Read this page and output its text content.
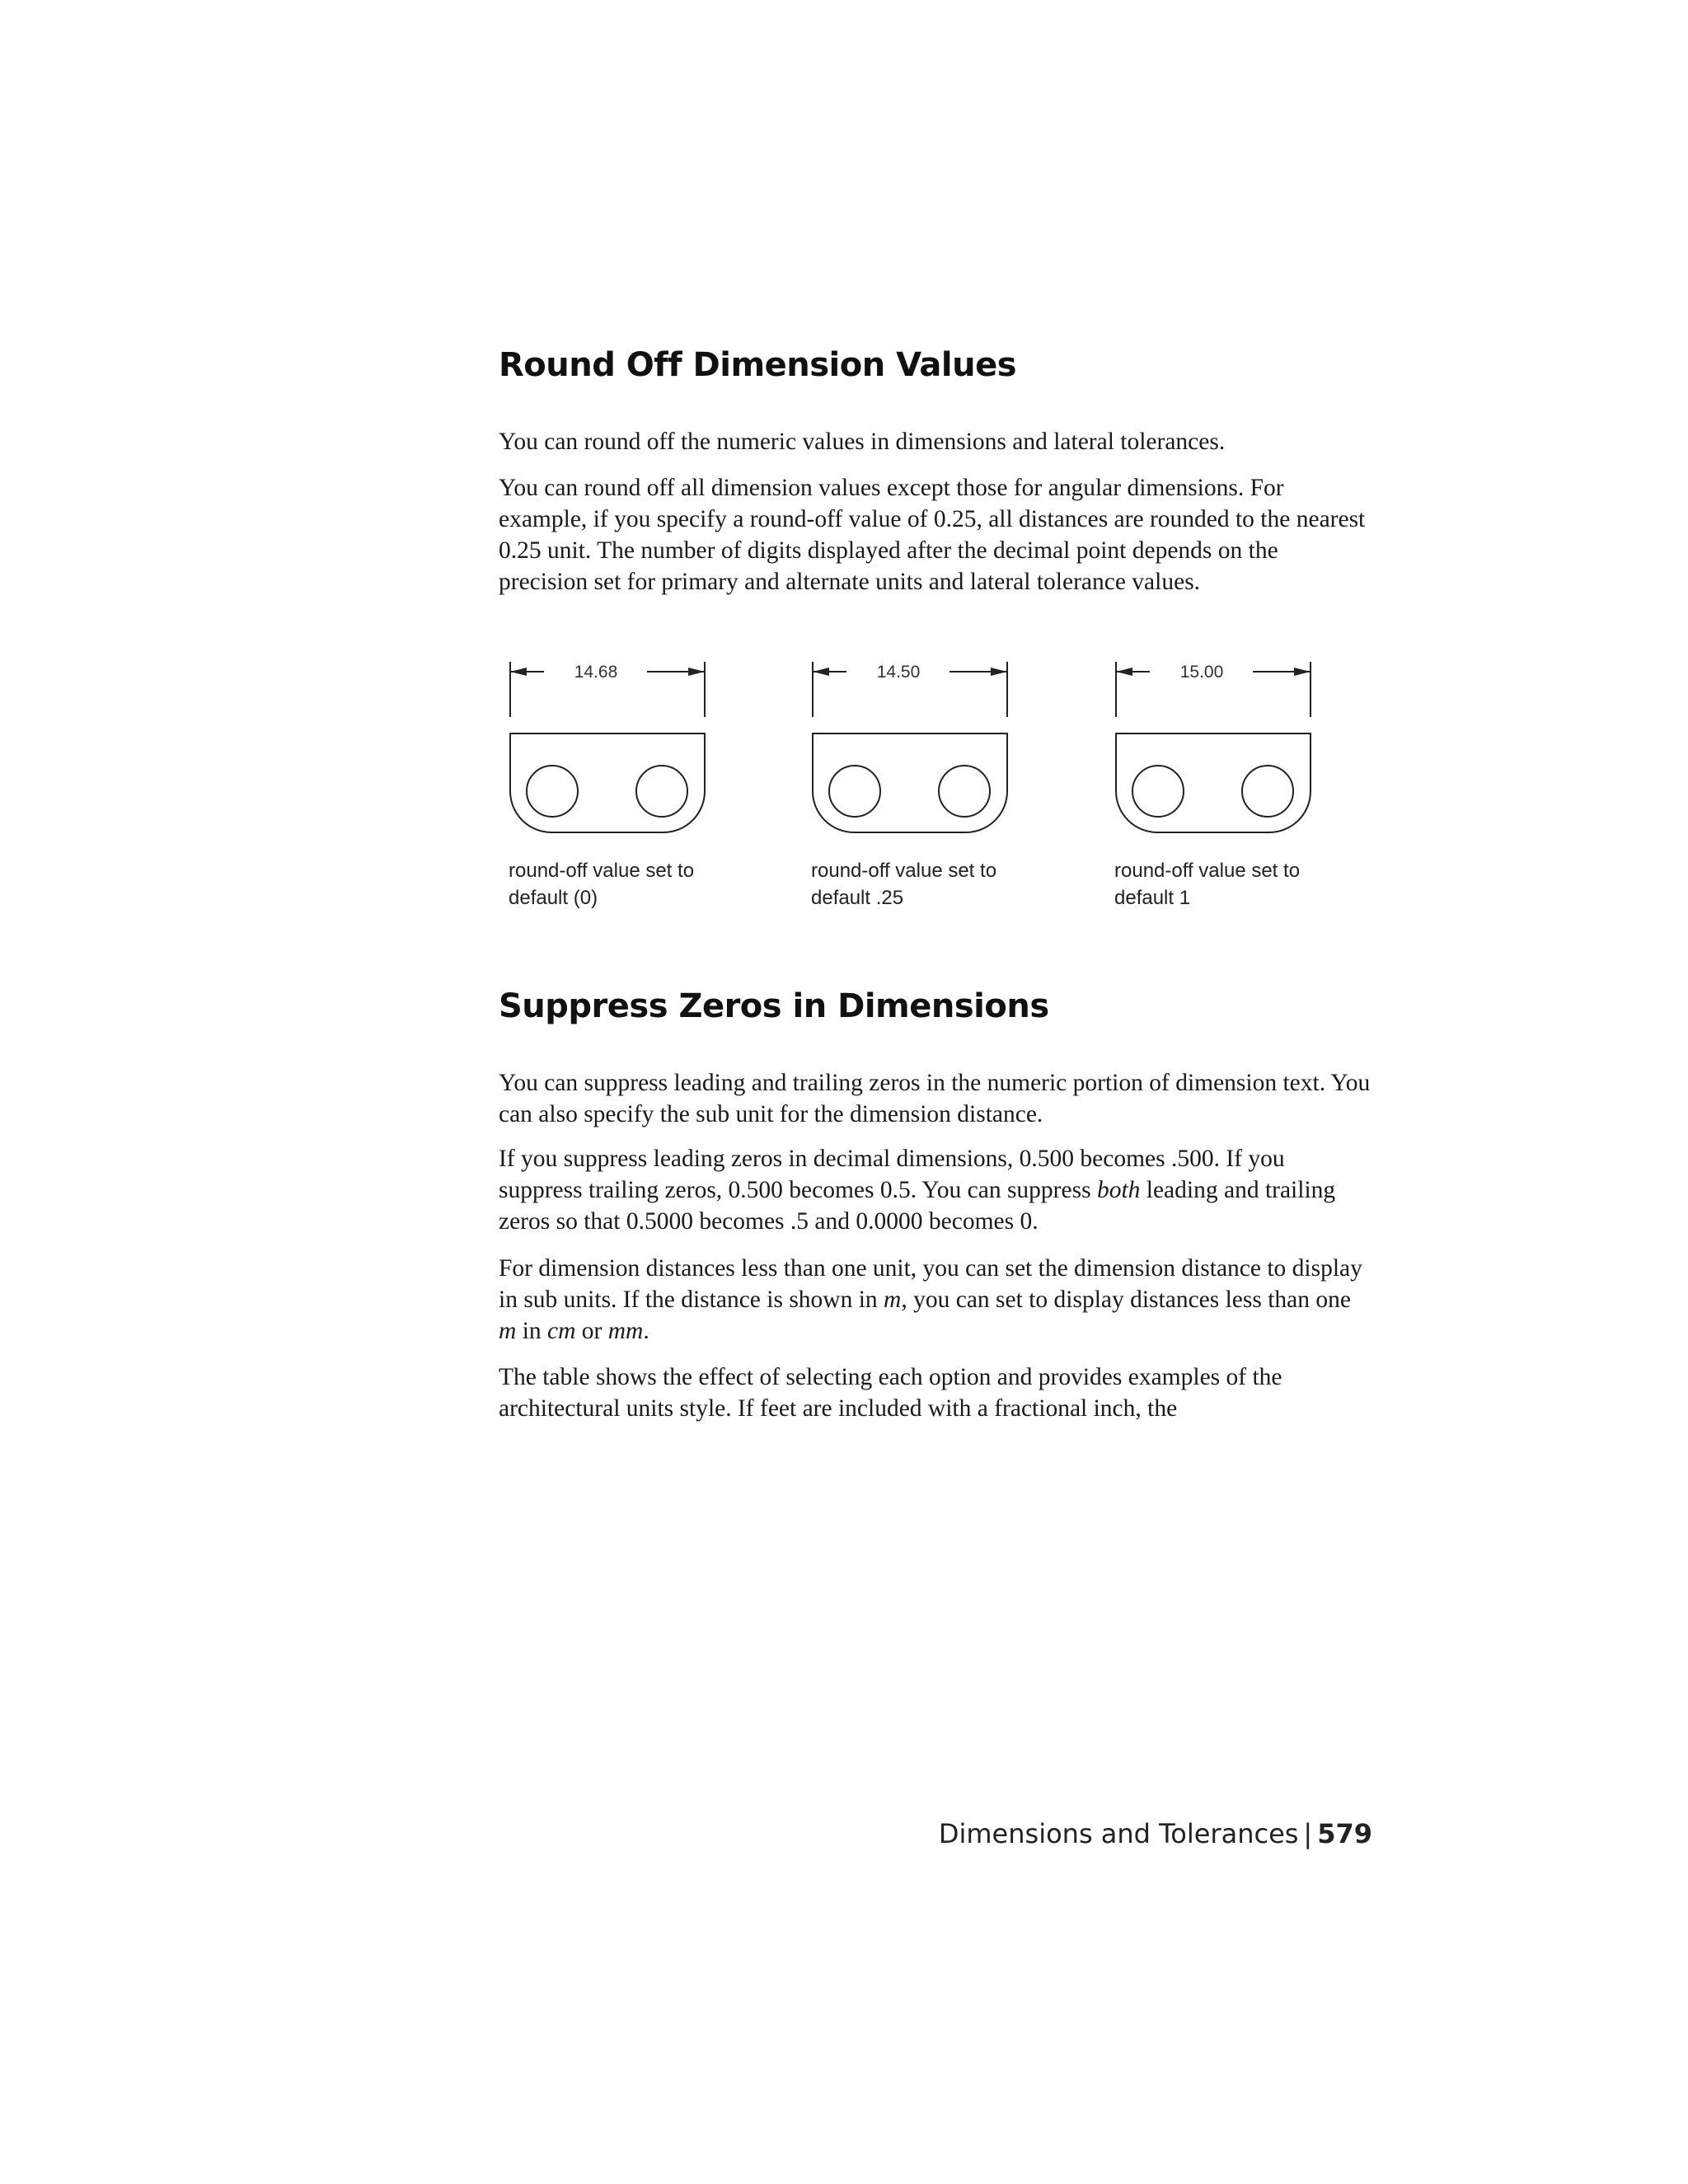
Round Off Dimension Values

You can round off the numeric values in dimensions and lateral tolerances.

You can round off all dimension values except those for angular dimensions. For example, if you specify a round-off value of 0.25, all distances are rounded to the nearest 0.25 unit. The number of digits displayed after the decimal point depends on the precision set for primary and alternate units and lateral tolerance values.

14.68
round-off value set to
default (0)
14.50
round-off value set to
default .25
15.00
round-off value set to
default 1
Suppress Zeros in Dimensions

You can suppress leading and trailing zeros in the numeric portion of dimension text. You can also specify the sub unit for the dimension distance.

If you suppress leading zeros in decimal dimensions, 0.500 becomes .500. If you suppress trailing zeros, 0.500 becomes 0.5. You can suppress both leading and trailing zeros so that 0.5000 becomes .5 and 0.0000 becomes 0.

For dimension distances less than one unit, you can set the dimension distance to display in sub units. If the distance is shown in m, you can set to display distances less than one m in cm or mm.

The table shows the effect of selecting each option and provides examples of the architectural units style. If feet are included with a fractional inch, the

Dimensions and Tolerances | 579
